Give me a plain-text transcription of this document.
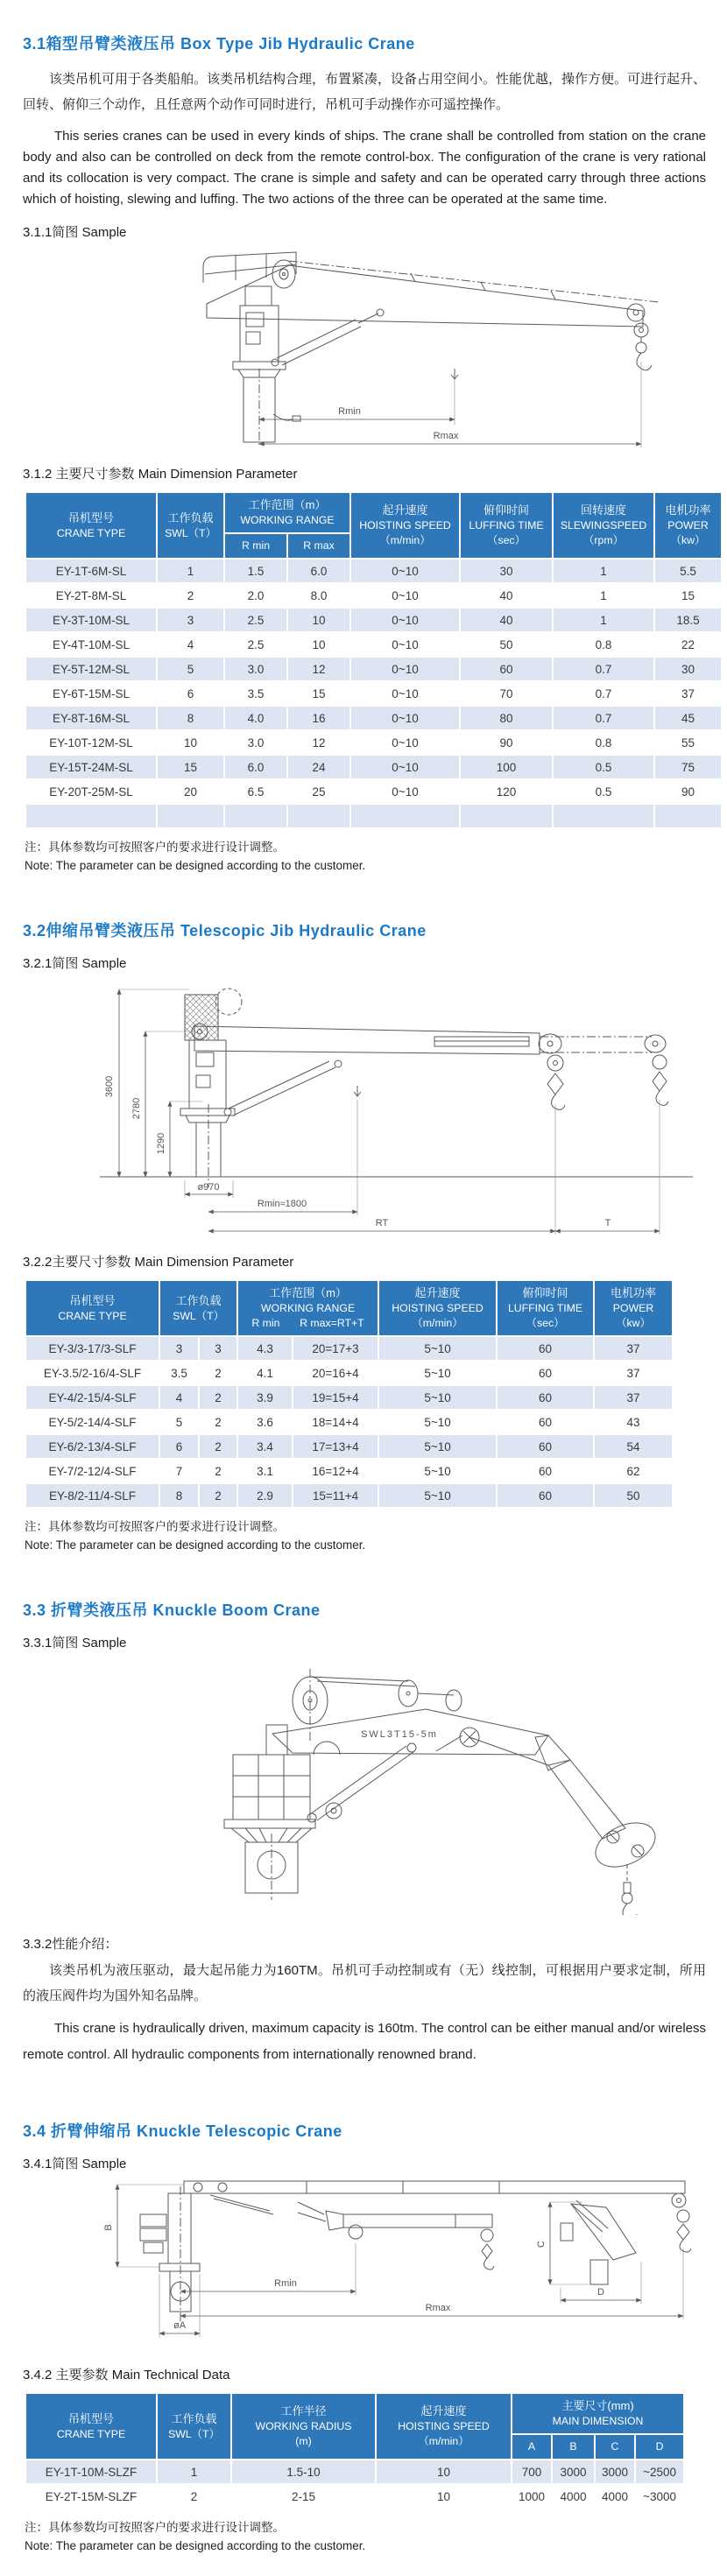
3.1箱型吊臂类液压吊 Box Type Jib Hydraulic Crane

该类吊机可用于各类船舶。该类吊机结构合理，布置紧凑，设备占用空间小。性能优越，操作方便。可进行起升、回转、俯仰三个动作，且任意两个动作可同时进行，吊机可手动操作亦可遥控操作。

This series cranes can be used in every kinds of ships. The crane shall be controlled from station on the crane body and also can be controlled on deck from the remote control-box. The configuration of the crane is very rational and its collocation is very compact. The crane is simple and safety and can be operated carry through three actions which of hoisting, slewing and luffing. The two actions of the three can be operated at the same time.

3.1.1简图 Sample
Rmin
Rmax
3.1.2 主要尺寸参数 Main Dimension Parameter
吊机型号
CRANE TYPE

工作负载
SWL（T）

工作范围（m）
WORKING RANGE

起升速度
HOISTING SPEED
（m/min）

俯仰时间
LUFFING TIME
（sec）

回转速度
SLEWINGSPEED
（rpm）

电机功率
POWER
（kw）

		R min	R max				

EY-1T-6M-SL	1	1.5	6.0	0~10	30	1	5.5
EY-2T-8M-SL	2	2.0	8.0	0~10	40	1	15
EY-3T-10M-SL	3	2.5	10	0~10	40	1	18.5
EY-4T-10M-SL	4	2.5	10	0~10	50	0.8	22
EY-5T-12M-SL	5	3.0	12	0~10	60	0.7	30
EY-6T-15M-SL	6	3.5	15	0~10	70	0.7	37
EY-8T-16M-SL	8	4.0	16	0~10	80	0.7	45
EY-10T-12M-SL	10	3.0	12	0~10	90	0.8	55
EY-15T-24M-SL	15	6.0	24	0~10	100	0.5	75
EY-20T-25M-SL	20	6.5	25	0~10	120	0.5	90

注：具体参数均可按照客户的要求进行设计调整。
Note: The parameter can be designed according to the customer.
3.2伸缩吊臂类液压吊 Telescopic Jib Hydraulic Crane
3.2.1简图 Sample
3600
2780
1290
ø970
Rmin≈1800
RT	T
3.2.2主要尺寸参数 Main Dimension Parameter
吊机型号
CRANE TYPE

工作负载
SWL（T）

工作范围（m）
WORKING RANGE
R min R max=RT+T

起升速度
HOISTING SPEED
（m/min）

俯仰时间
LUFFING TIME
（sec）

电机功率
POWER
（kw）

EY-3/3-17/3-SLF	3	3	4.3	20=17+3	5~10	60	37
EY-3.5/2-16/4-SLF	3.5	2	4.1	20=16+4	5~10	60	37
EY-4/2-15/4-SLF	4	2	3.9	19=15+4	5~10	60	37
EY-5/2-14/4-SLF	5	2	3.6	18=14+4	5~10	60	43
EY-6/2-13/4-SLF	6	2	3.4	17=13+4	5~10	60	54
EY-7/2-12/4-SLF	7	2	3.1	16=12+4	5~10	60	62
EY-8/2-11/4-SLF	8	2	2.9	15=11+4	5~10	60	50
注：具体参数均可按照客户的要求进行设计调整。
Note: The parameter can be designed according to the customer.
3.3 折臂类液压吊 Knuckle Boom Crane
3.3.1简图 Sample
SWL3T15-5m
3.3.2性能介绍：

该类吊机为液压驱动，最大起吊能力为160TM。吊机可手动控制或有（无）线控制，可根据用户要求定制，所用的液压阀件均为国外知名品牌。

This crane is hydraulically driven, maximum capacity is 160tm. The control can be either manual and/or wireless remote control. All hydraulic components from internationally renowned brand.

3.4 折臂伸缩吊 Knuckle Telescopic Crane
3.4.1简图 Sample
B
C
D
Rmin
Rmax
øA
3.4.2 主要参数 Main Technical Data
吊机型号
CRANE TYPE

工作负载
SWL（T）

工作半径
WORKING RADIUS
(m)

起升速度
HOISTING SPEED
（m/min）

主要尺寸(mm)
MAIN DIMENSION

				A	B	C	D

EY-1T-10M-SLZF	1	1.5-10	10	700	3000	3000	~2500
EY-2T-15M-SLZF	2	2-15	10	1000	4000	4000	~3000
注：具体参数均可按照客户的要求进行设计调整。
Note: The parameter can be designed according to the customer.
